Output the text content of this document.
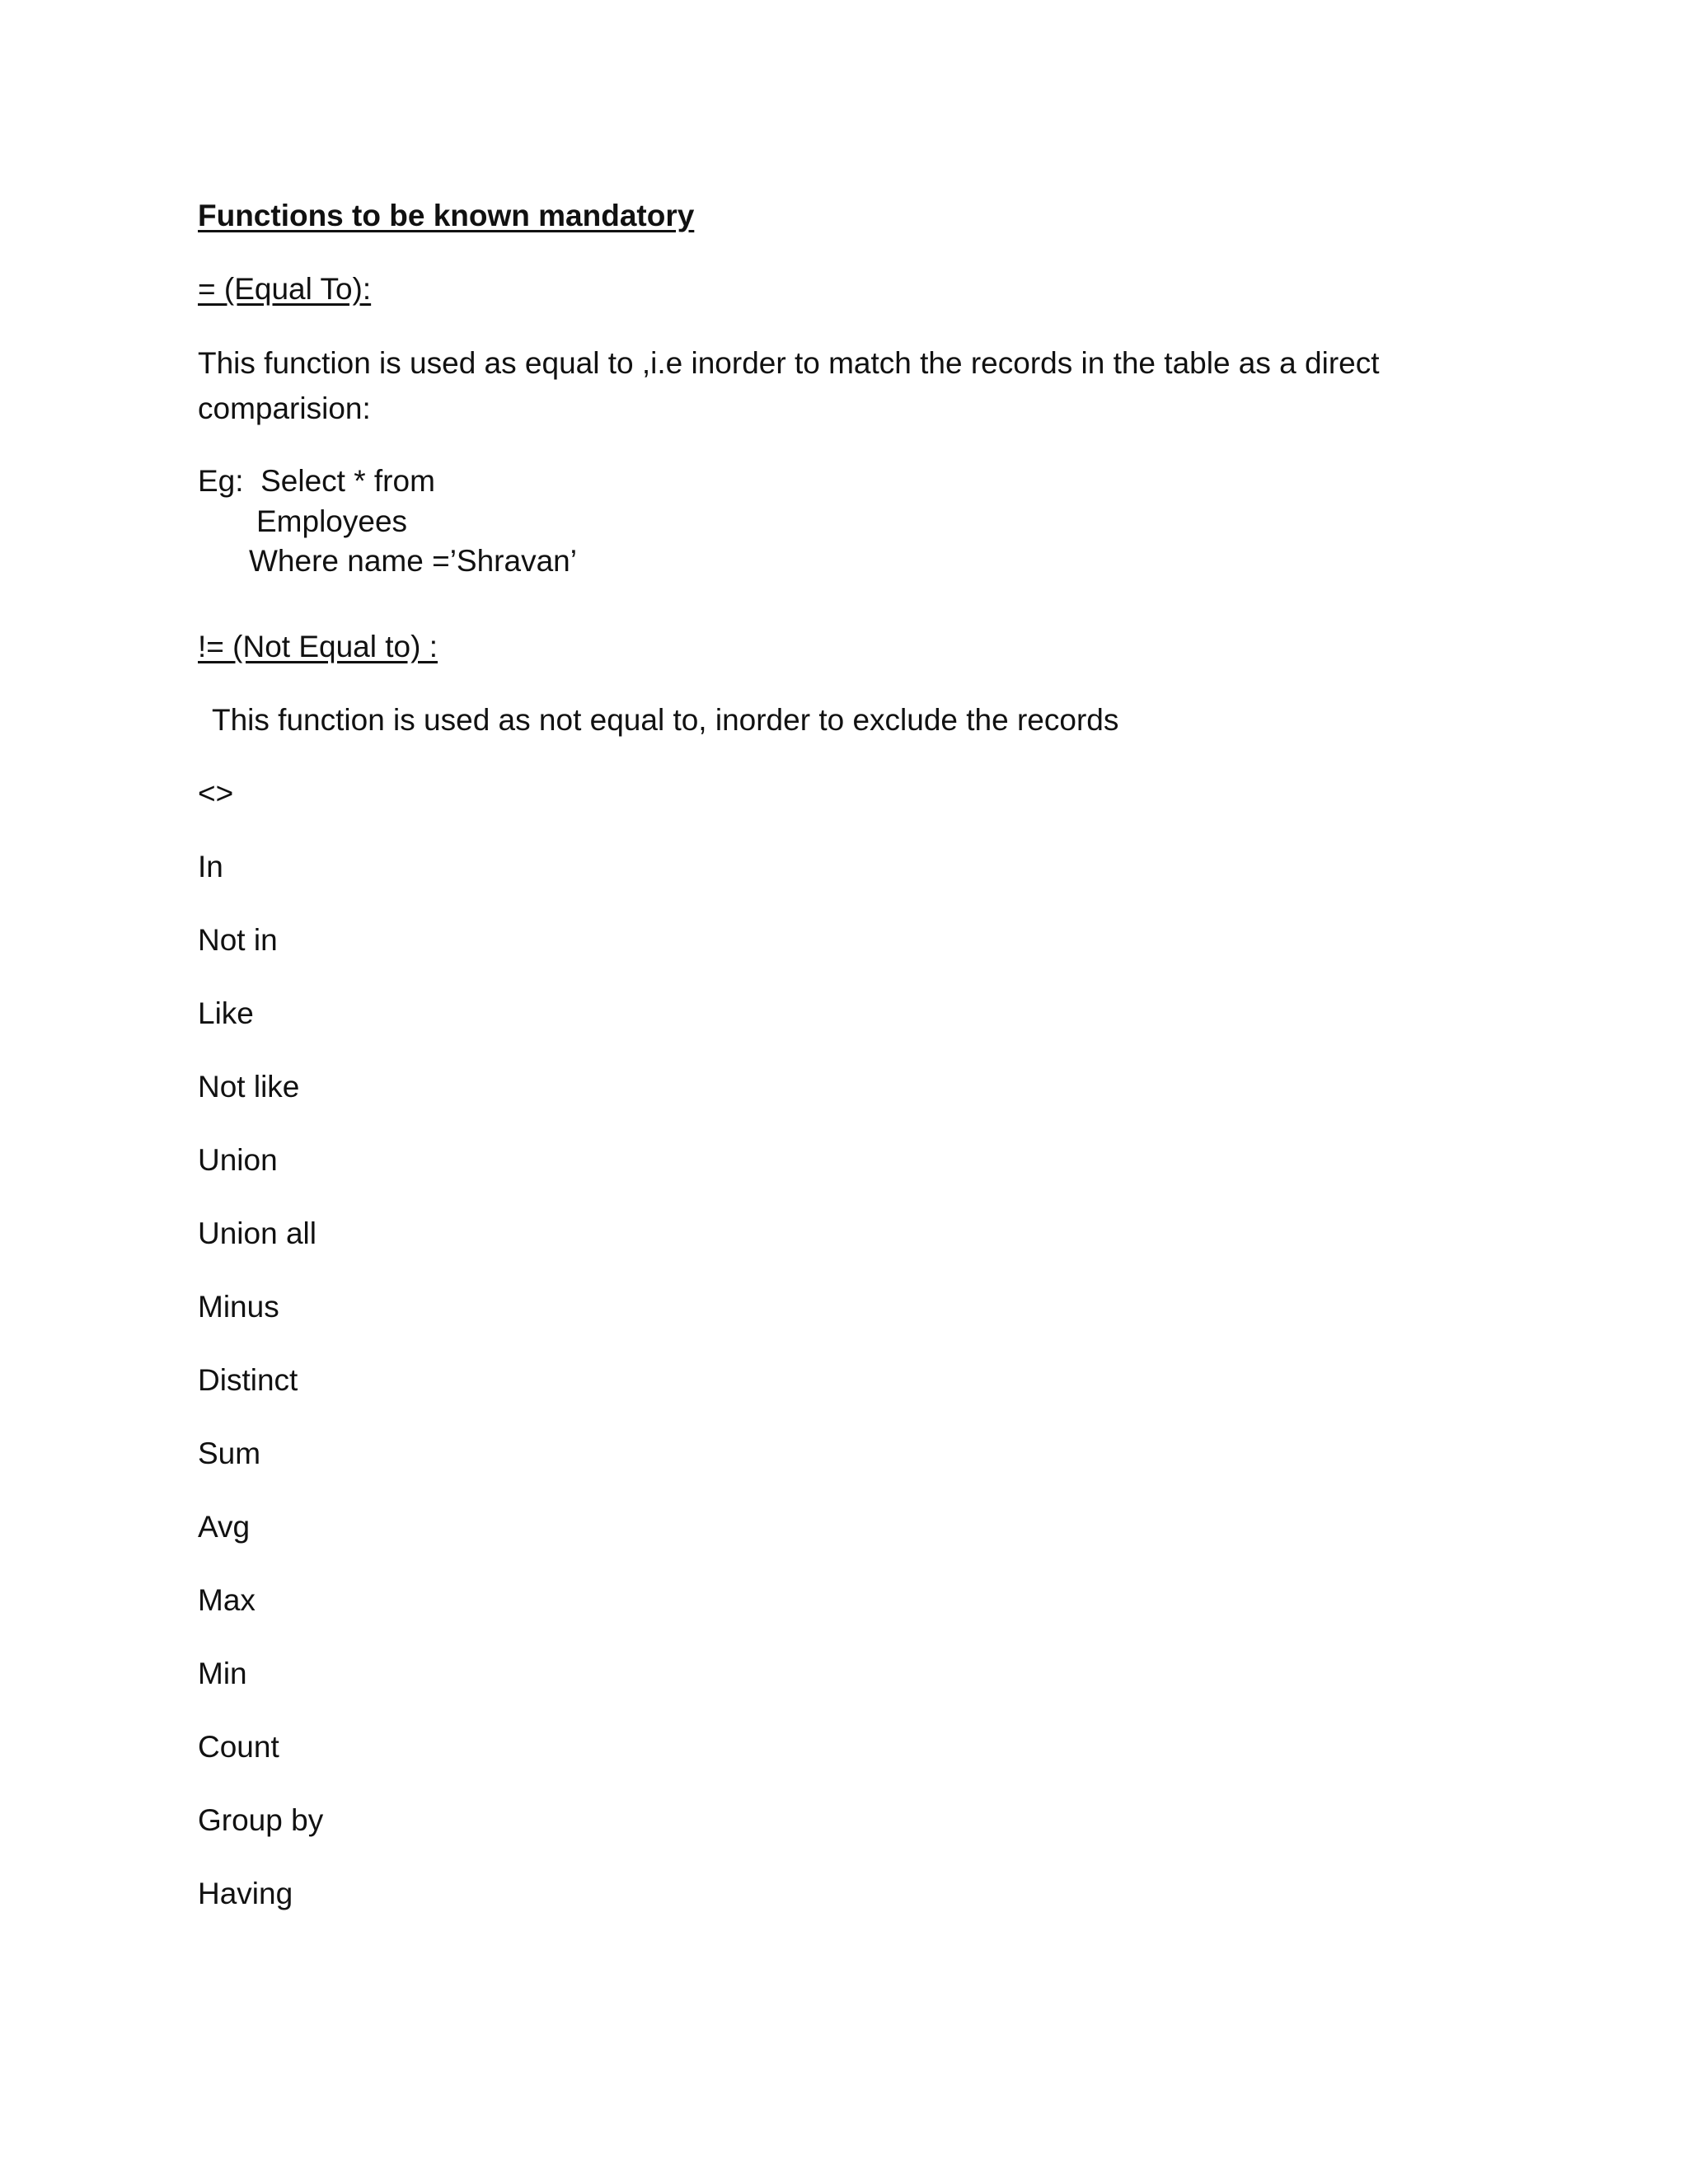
Functions to be known mandatory
= (Equal To):
This function is used as equal to ,i.e inorder to match the records in the table as a direct comparision:
Eg:  Select * from
Employees
Where name =’Shravan’
!= (Not Equal to) :
This function is used as not equal to, inorder to exclude the records
<>
In
Not in
Like
Not like
Union
Union all
Minus
Distinct
Sum
Avg
Max
Min
Count
Group by
Having
